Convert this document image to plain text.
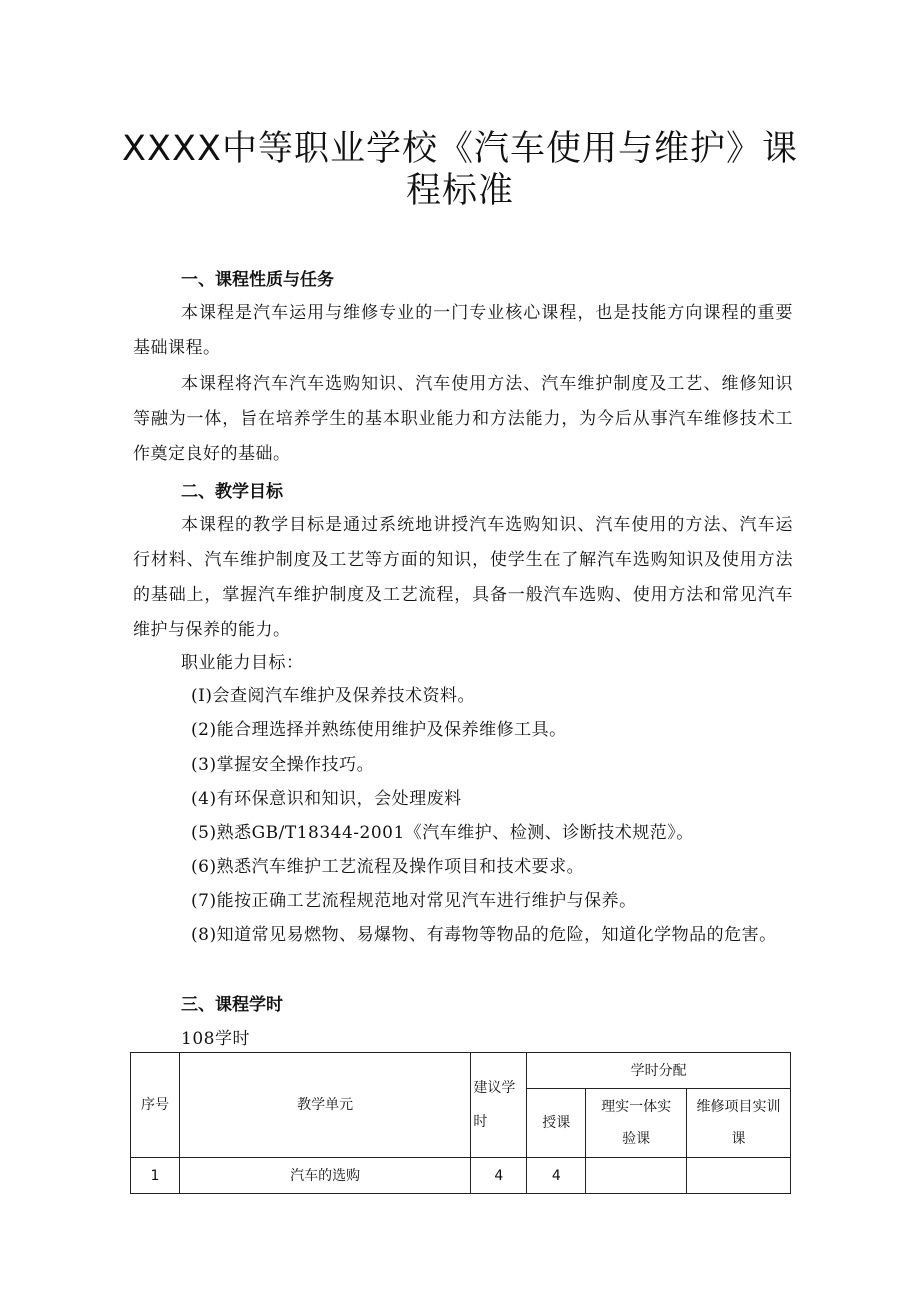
XXXX中等职业学校《汽车使用与维护》课
程标准
一、课程性质与任务
本课程是汽车运用与维修专业的一门专业核心课程，也是技能方向课程的重要基础课程。
本课程将汽车汽车选购知识、汽车使用方法、汽车维护制度及工艺、维修知识等融为一体，旨在培养学生的基本职业能力和方法能力，为今后从事汽车维修技术工作奠定良好的基础。
二、教学目标
本课程的教学目标是通过系统地讲授汽车选购知识、汽车使用的方法、汽车运行材料、汽车维护制度及工艺等方面的知识，使学生在了解汽车选购知识及使用方法的基础上，掌握汽车维护制度及工艺流程，具备一般汽车选购、使用方法和常见汽车维护与保养的能力。
职业能力目标：
(I)会查阅汽车维护及保养技术资料。
(2)能合理选择并熟练使用维护及保养维修工具。
(3)掌握安全操作技巧。
(4)有环保意识和知识，会处理废料
(5)熟悉GB/T18344-2001《汽车维护、检测、诊断技术规范》。
(6)熟悉汽车维护工艺流程及操作项目和技术要求。
(7)能按正确工艺流程规范地对常见汽车进行维护与保养。
(8)知道常见易燃物、易爆物、有毒物等物品的危险，知道化学物品的危害。
三、课程学时
108学时
序号	教学单元	建议学时	学时分配		
			授课	理实一体实验课	维修项目实训课
1	汽车的选购	4	4		
